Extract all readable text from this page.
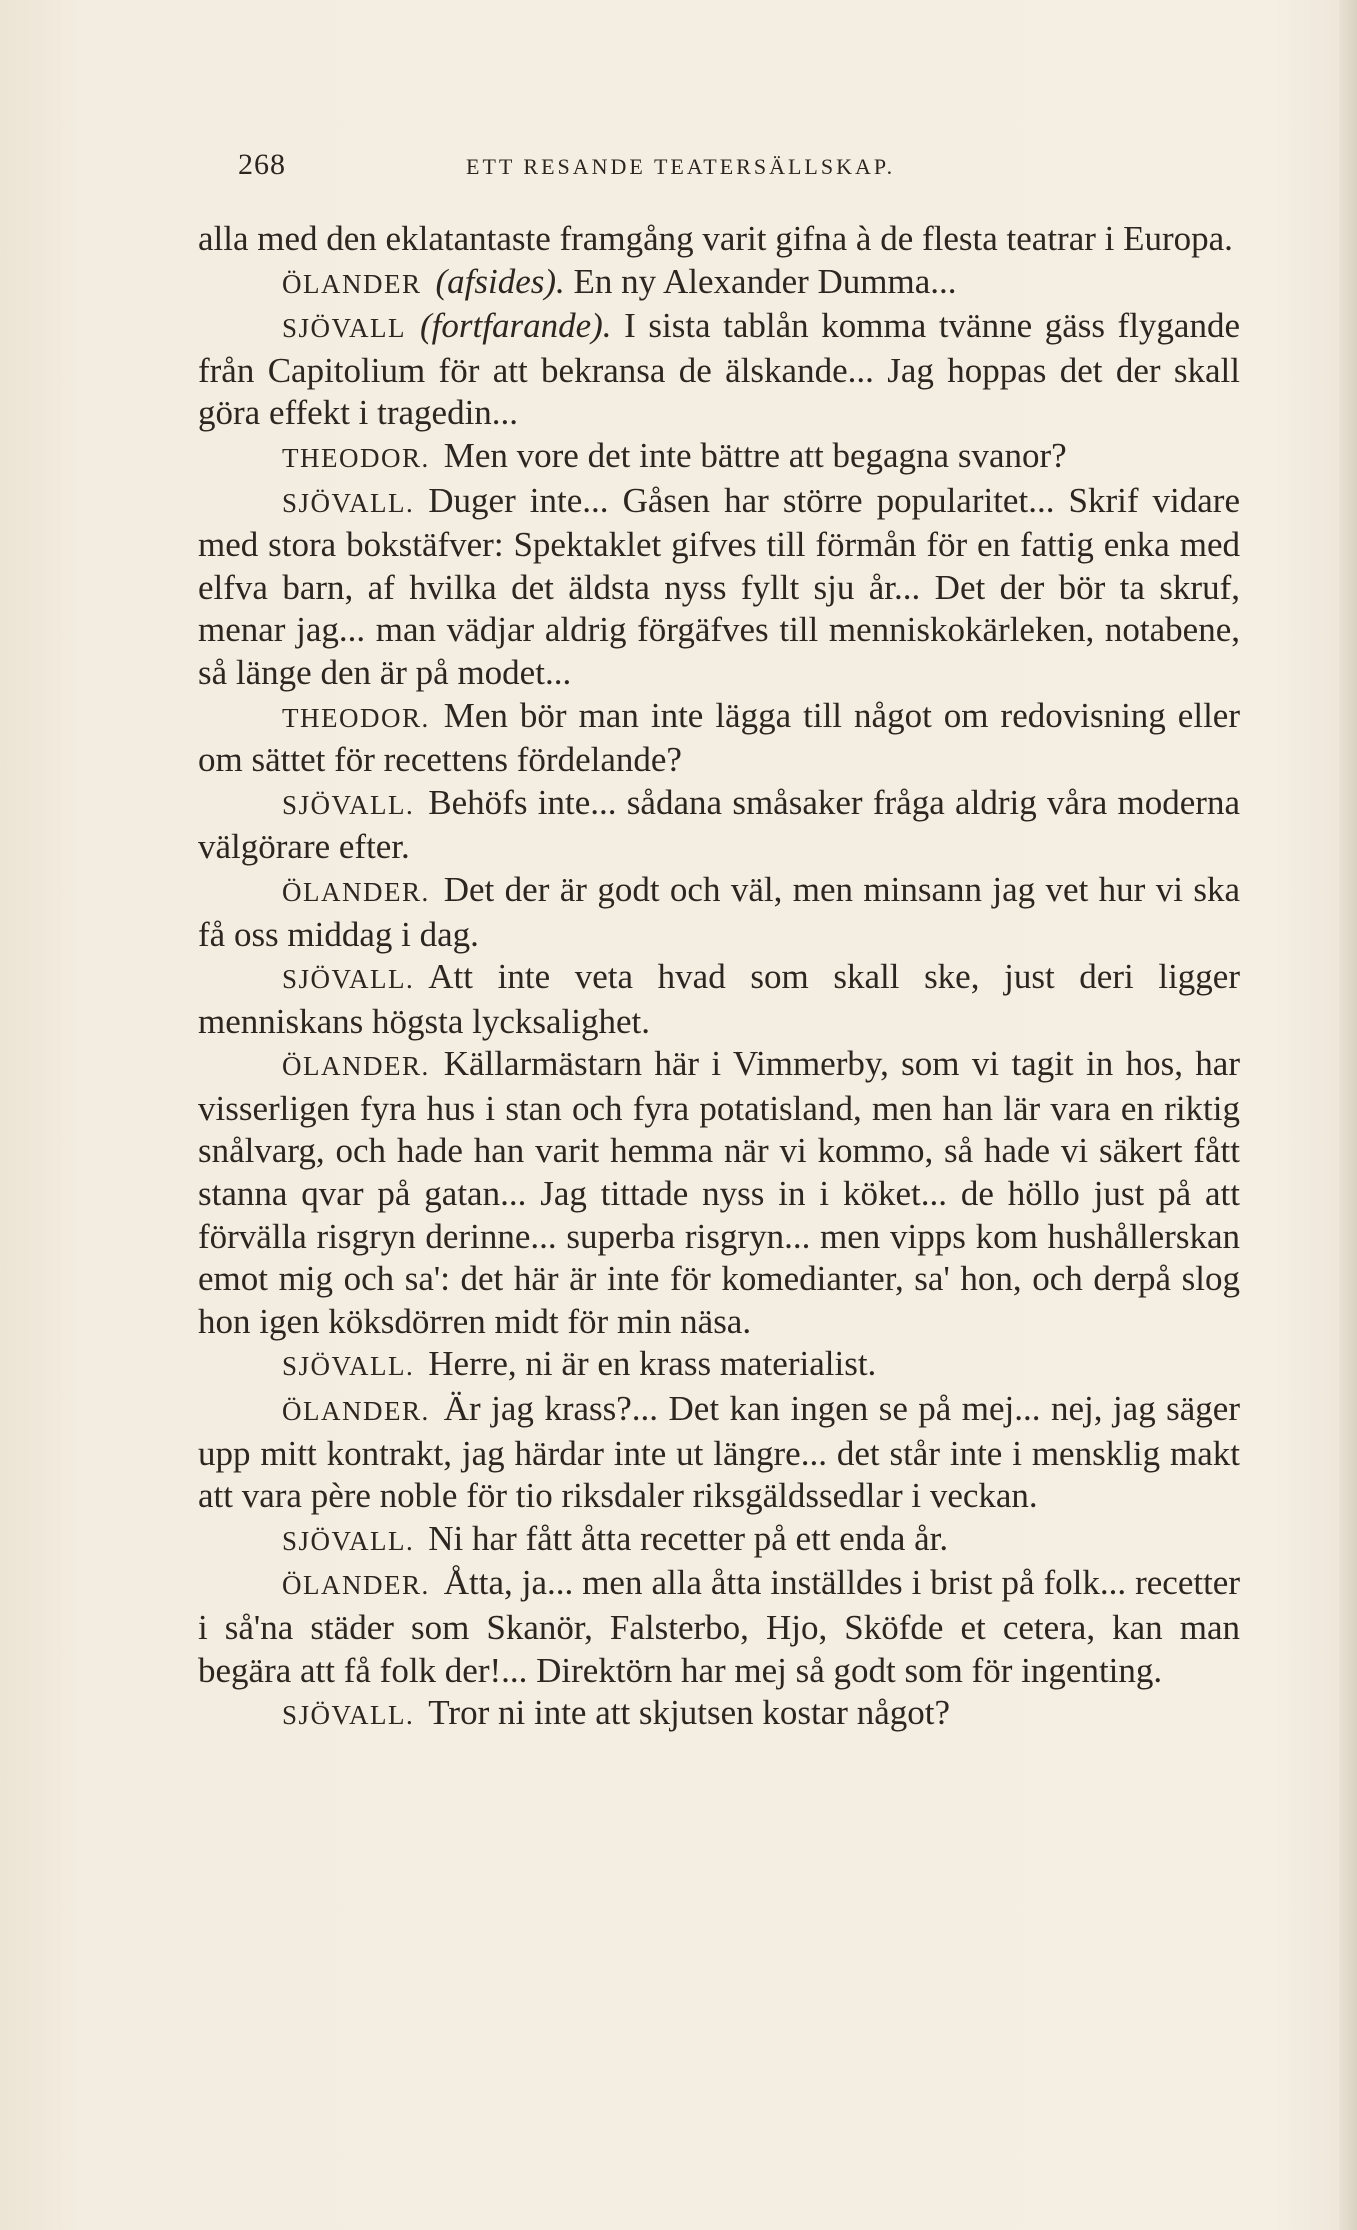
268	ETT RESANDE TEATERSÄLLSKAP.

alla med den eklatantaste framgång varit gifna à de flesta teatrar i Europa.

ÖLANDER (afsides). En ny Alexander Dumma...

SJÖVALL (fortfarande). I sista tablån komma tvänne gäss flygande från Capitolium för att bekransa de älskande... Jag hoppas det der skall göra effekt i tragedin...

THEODOR. Men vore det inte bättre att begagna svanor?

SJÖVALL. Duger inte... Gåsen har större popularitet... Skrif vidare med stora bokstäfver: Spektaklet gifves till förmån för en fattig enka med elfva barn, af hvilka det äldsta nyss fyllt sju år... Det der bör ta skruf, menar jag... man vädjar aldrig förgäfves till menniskokärleken, notabene, så länge den är på modet...

THEODOR. Men bör man inte lägga till något om redovisning eller om sättet för recettens fördelande?

SJÖVALL. Behöfs inte... sådana småsaker fråga aldrig våra moderna välgörare efter.

ÖLANDER. Det der är godt och väl, men minsann jag vet hur vi ska få oss middag i dag.

SJÖVALL. Att inte veta hvad som skall ske, just deri ligger menniskans högsta lycksalighet.

ÖLANDER. Källarmästarn här i Vimmerby, som vi tagit in hos, har visserligen fyra hus i stan och fyra potatisland, men han lär vara en riktig snålvarg, och hade han varit hemma när vi kommo, så hade vi säkert fått stanna qvar på gatan... Jag tittade nyss in i köket... de höllo just på att förvälla risgryn derinne... superba risgryn... men vipps kom hushållerskan emot mig och sa': det här är inte för komedianter, sa' hon, och derpå slog hon igen köksdörren midt för min näsa.

SJÖVALL. Herre, ni är en krass materialist.

ÖLANDER. Är jag krass?... Det kan ingen se på mej... nej, jag säger upp mitt kontrakt, jag härdar inte ut längre... det står inte i mensklig makt att vara père noble för tio riksdaler riksgäldssedlar i veckan.

SJÖVALL. Ni har fått åtta recetter på ett enda år.

ÖLANDER. Åtta, ja... men alla åtta inställdes i brist på folk... recetter i så'na städer som Skanör, Falsterbo, Hjo, Sköfde et cetera, kan man begära att få folk der!... Direktörn har mej så godt som för ingenting.

SJÖVALL. Tror ni inte att skjutsen kostar något?
